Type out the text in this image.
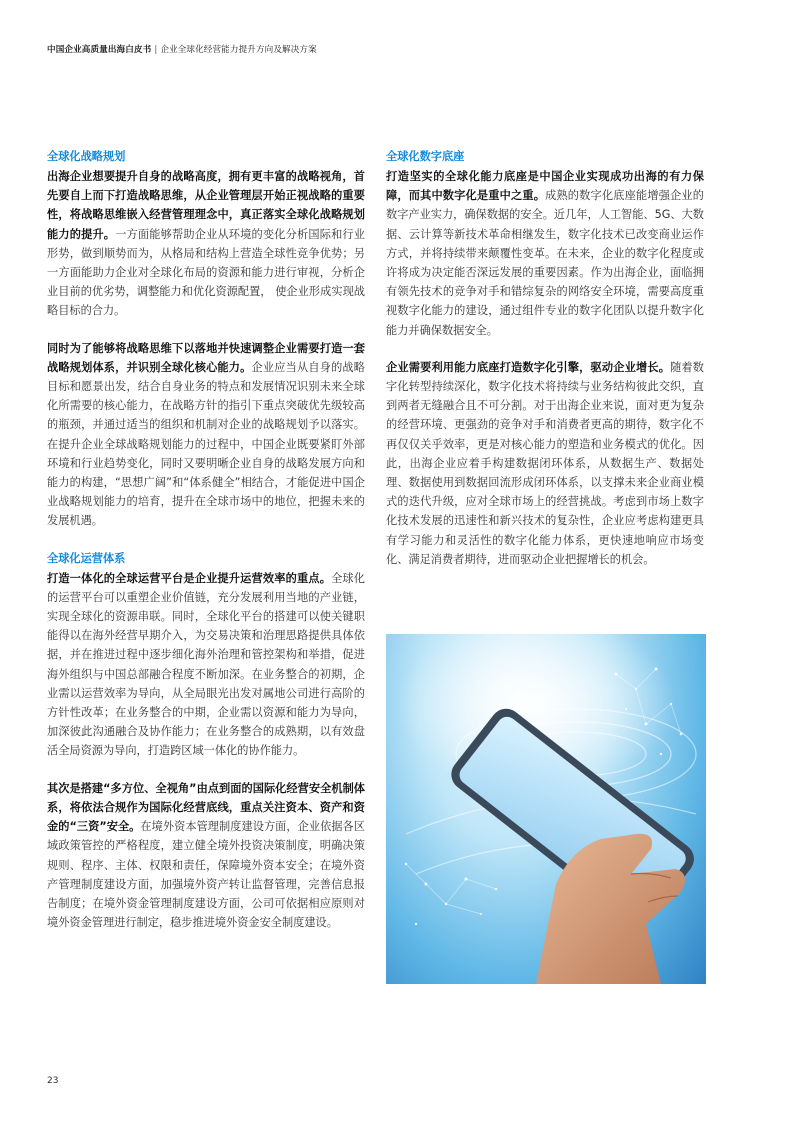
中国企业高质量出海白皮书 | 企业全球化经营能力提升方向及解决方案
全球化战略规划

出海企业想要提升自身的战略高度，拥有更丰富的战略视角，首先要自上而下打造战略思维，从企业管理层开始正视战略的重要性，将战略思维嵌入经营管理理念中，真正落实全球化战略规划能力的提升。一方面能够帮助企业从环境的变化分析国际和行业形势，做到顺势而为，从格局和结构上营造全球性竞争优势；另一方面能助力企业对全球化布局的资源和能力进行审视，分析企业目前的优劣势，调整能力和优化资源配置， 使企业形成实现战略目标的合力。

同时为了能够将战略思维下以落地并快速调整企业需要打造一套战略规划体系，并识别全球化核心能力。企业应当从自身的战略目标和愿景出发，结合自身业务的特点和发展情况识别未来全球化所需要的核心能力，在战略方针的指引下重点突破优先级较高的瓶颈，并通过适当的组织和机制对企业的战略规划予以落实。在提升企业全球战略规划能力的过程中，中国企业既要紧盯外部环境和行业趋势变化，同时又要明晰企业自身的战略发展方向和能力的构建，“思想广阔”和“体系健全”相结合，才能促进中国企业战略规划能力的培育，提升在全球市场中的地位，把握未来的发展机遇。

全球化运营体系

打造一体化的全球运营平台是企业提升运营效率的重点。全球化的运营平台可以重塑企业价值链，充分发展利用当地的产业链，实现全球化的资源串联。同时，全球化平台的搭建可以使关键职能得以在海外经营早期介入，为交易决策和治理思路提供具体依据，并在推进过程中逐步细化海外治理和管控架构和举措，促进海外组织与中国总部融合程度不断加深。在业务整合的初期，企业需以运营效率为导向，从全局眼光出发对属地公司进行高阶的方针性改革；在业务整合的中期，企业需以资源和能力为导向，加深彼此沟通融合及协作能力；在业务整合的成熟期，以有效盘活全局资源为导向，打造跨区域一体化的协作能力。

其次是搭建“多方位、全视角”由点到面的国际化经营安全机制体系，将依法合规作为国际化经营底线，重点关注资本、资产和资金的“三资”安全。在境外资本管理制度建设方面，企业依据各区域政策管控的严格程度，建立健全境外投资决策制度，明确决策规则、程序、主体、权限和责任，保障境外资本安全；在境外资产管理制度建设方面，加强境外资产转让监督管理，完善信息报告制度；在境外资金管理制度建设方面，公司可依据相应原则对境外资金管理进行制定，稳步推进境外资金安全制度建设。

全球化数字底座

打造坚实的全球化能力底座是中国企业实现成功出海的有力保障，而其中数字化是重中之重。成熟的数字化底座能增强企业的数字产业实力，确保数据的安全。近几年，人工智能、5G、大数据、云计算等新技术革命相继发生，数字化技术已改变商业运作方式，并将持续带来颠覆性变革。在未来，企业的数字化程度或许将成为决定能否深远发展的重要因素。作为出海企业，面临拥有领先技术的竞争对手和错综复杂的网络安全环境，需要高度重视数字化能力的建设，通过组件专业的数字化团队以提升数字化能力并确保数据安全。

企业需要利用能力底座打造数字化引擎，驱动企业增长。随着数字化转型持续深化，数字化技术将持续与业务结构彼此交织，直到两者无缝融合且不可分割。对于出海企业来说，面对更为复杂的经营环境、更强劲的竞争对手和消费者更高的期待，数字化不再仅仅关乎效率，更是对核心能力的塑造和业务模式的优化。因此，出海企业应着手构建数据闭环体系，从数据生产、数据处理、数据使用到数据回流形成闭环体系，以支撑未来企业商业模式的迭代升级，应对全球市场上的经营挑战。考虑到市场上数字化技术发展的迅速性和新兴技术的复杂性，企业应考虑构建更具有学习能力和灵活性的数字化能力体系，更快速地响应市场变化、满足消费者期待，进而驱动企业把握增长的机会。

23
